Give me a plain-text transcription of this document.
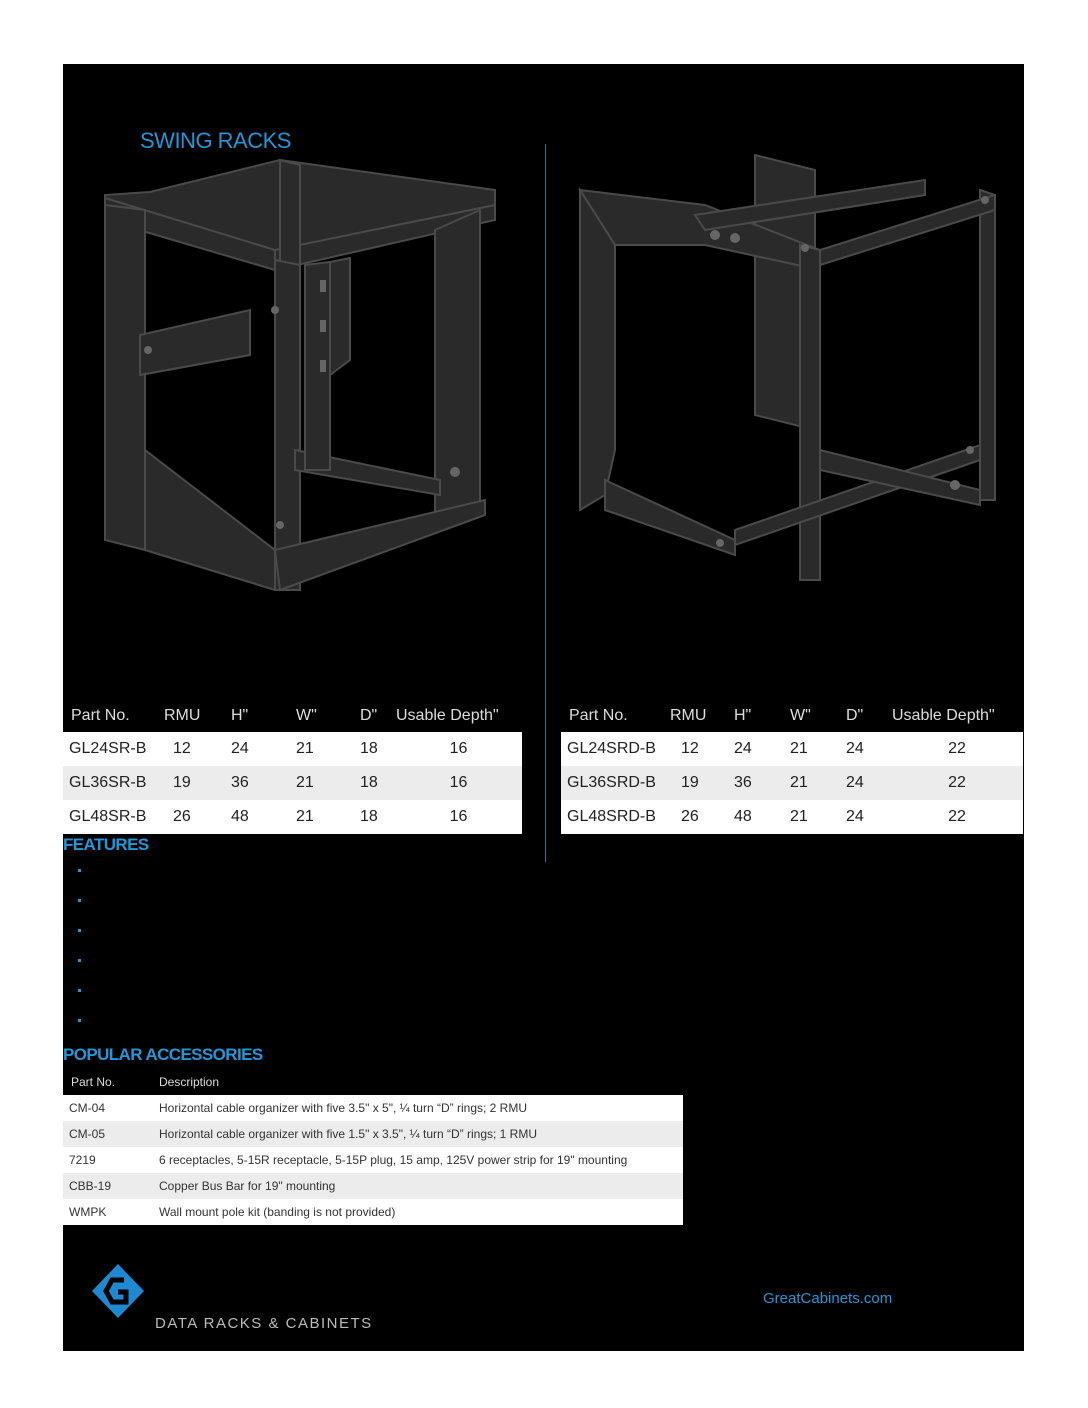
SWING RACKS
Part No.	RMU	H"	W"	D"	Usable Depth"
GL24SR-B	12	24	21	18	16
GL36SR-B	19	36	21	18	16
GL48SR-B	26	48	21	18	16
Part No.	RMU	H"	W"	D"	Usable Depth"
GL24SRD-B	12	24	21	24	22
GL36SRD-B	19	36	21	24	22
GL48SRD-B	26	48	21	24	22
FEATURES
POPULAR ACCESSORIES
Part No.	Description
CM-04	Horizontal cable organizer with five 3.5" x 5", ¼ turn “D” rings; 2 RMU
CM-05	Horizontal cable organizer with five 1.5" x 3.5", ¼ turn “D” rings; 1 RMU
7219	6 receptacles, 5-15R receptacle, 5-15P plug, 15 amp, 125V power strip for 19" mounting
CBB-19	Copper Bus Bar for 19" mounting
WMPK	Wall mount pole kit (banding is not provided)
DATA RACKS & CABINETS
GreatCabinets.com
